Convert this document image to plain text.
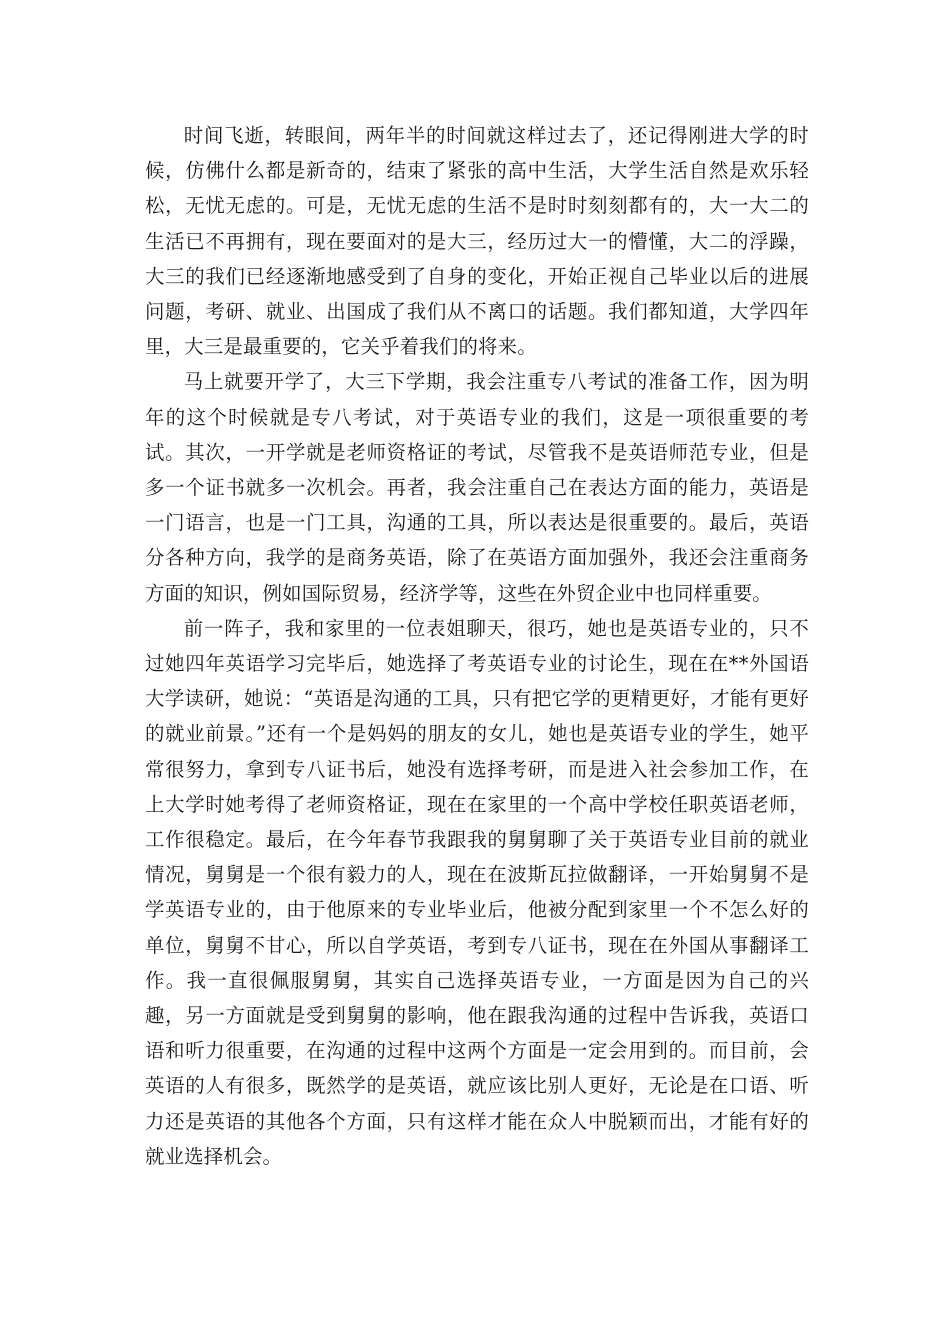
时间飞逝，转眼间，两年半的时间就这样过去了，还记得刚进大学的时候，仿佛什么都是新奇的，结束了紧张的高中生活，大学生活自然是欢乐轻松，无忧无虑的。可是，无忧无虑的生活不是时时刻刻都有的，大一大二的生活已不再拥有，现在要面对的是大三，经历过大一的懵懂，大二的浮躁，大三的我们已经逐渐地感受到了自身的变化，开始正视自己毕业以后的进展问题，考研、就业、出国成了我们从不离口的话题。我们都知道，大学四年里，大三是最重要的，它关乎着我们的将来。

马上就要开学了，大三下学期，我会注重专八考试的准备工作，因为明年的这个时候就是专八考试，对于英语专业的我们，这是一项很重要的考试。其次，一开学就是老师资格证的考试，尽管我不是英语师范专业，但是多一个证书就多一次机会。再者，我会注重自己在表达方面的能力，英语是一门语言，也是一门工具，沟通的工具，所以表达是很重要的。最后，英语分各种方向，我学的是商务英语，除了在英语方面加强外，我还会注重商务方面的知识，例如国际贸易，经济学等，这些在外贸企业中也同样重要。

前一阵子，我和家里的一位表姐聊天，很巧，她也是英语专业的，只不过她四年英语学习完毕后，她选择了考英语专业的讨论生，现在在**外国语大学读研，她说：“英语是沟通的工具，只有把它学的更精更好，才能有更好的就业前景。”还有一个是妈妈的朋友的女儿，她也是英语专业的学生，她平常很努力，拿到专八证书后，她没有选择考研，而是进入社会参加工作，在上大学时她考得了老师资格证，现在在家里的一个高中学校任职英语老师，工作很稳定。最后，在今年春节我跟我的舅舅聊了关于英语专业目前的就业情况，舅舅是一个很有毅力的人，现在在波斯瓦拉做翻译，一开始舅舅不是学英语专业的，由于他原来的专业毕业后，他被分配到家里一个不怎么好的单位，舅舅不甘心，所以自学英语，考到专八证书，现在在外国从事翻译工作。我一直很佩服舅舅，其实自己选择英语专业，一方面是因为自己的兴趣，另一方面就是受到舅舅的影响，他在跟我沟通的过程中告诉我，英语口语和听力很重要，在沟通的过程中这两个方面是一定会用到的。而目前，会英语的人有很多，既然学的是英语，就应该比别人更好，无论是在口语、听力还是英语的其他各个方面，只有这样才能在众人中脱颖而出，才能有好的就业选择机会。
